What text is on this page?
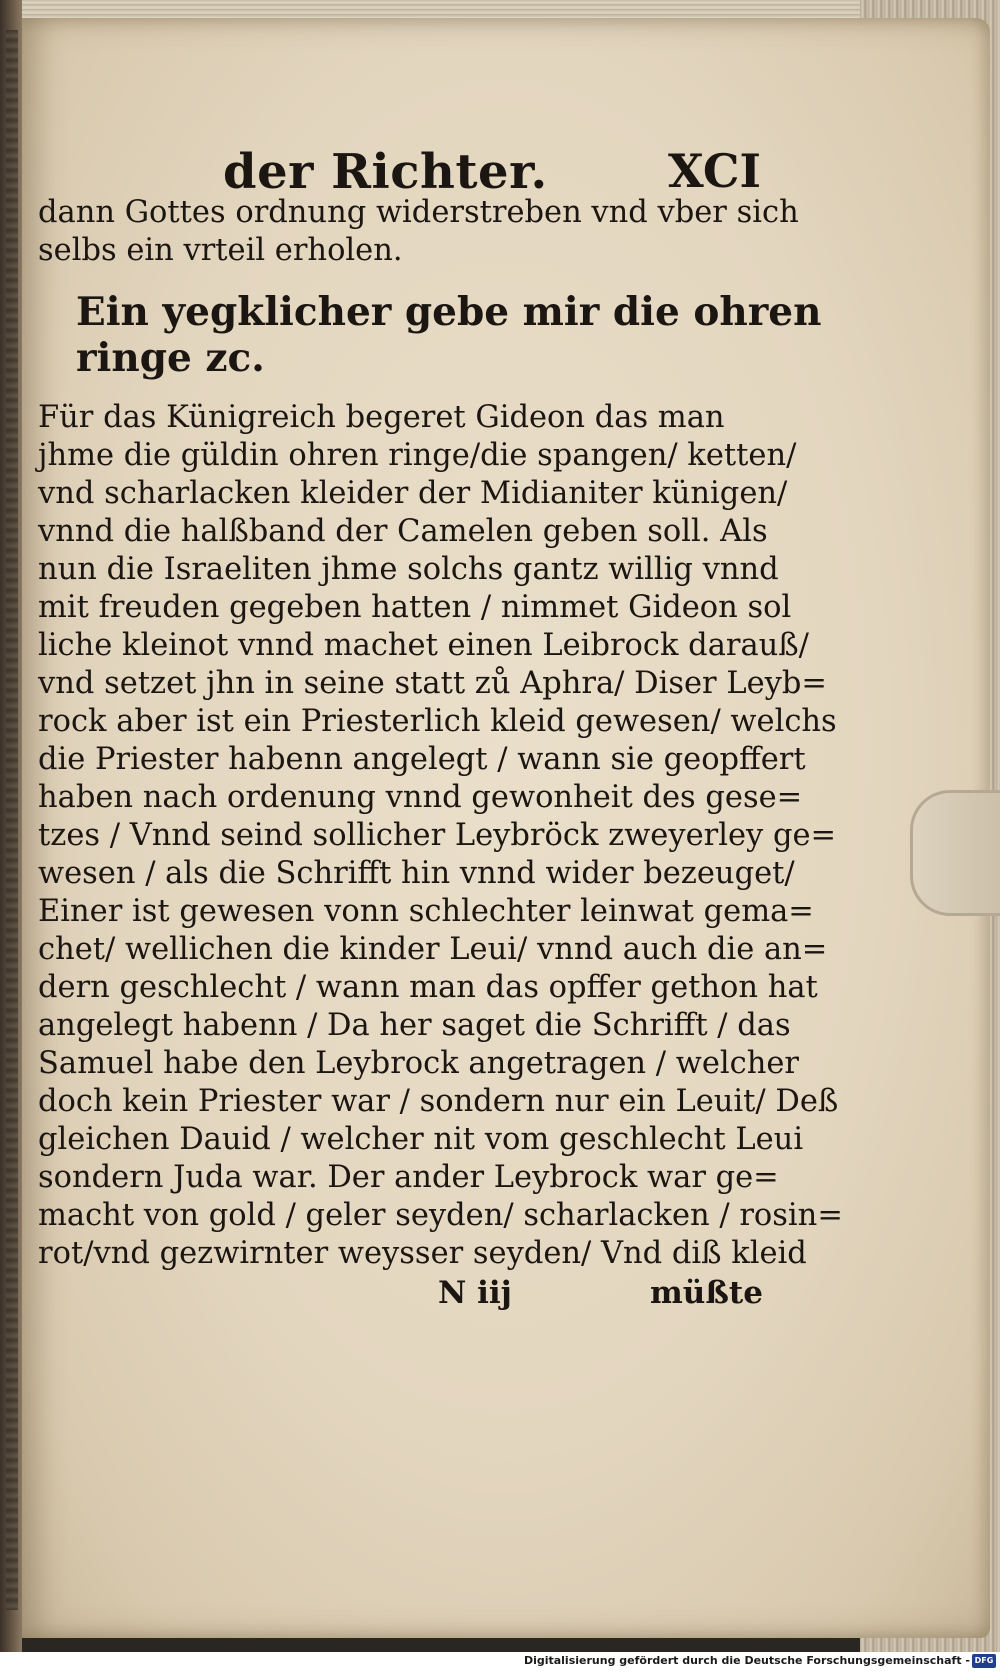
der Richter.	XCI
dann Gottes ordnung widerstreben vnd vber sich
selbs ein vrteil erholen.
Ein yegklicher gebe mir die ohren
ringe zc.
Für das Künigreich begeret Gideon das man
jhme die güldin ohren ringe/die spangen/ ketten/
vnd scharlacken kleider der Midianiter künigen/
vnnd die halßband der Camelen geben soll. Als
nun die Israeliten jhme solchs gantz willig vnnd
mit freuden gegeben hatten / nimmet Gideon sol
liche kleinot vnnd machet einen Leibrock darauß/
vnd setzet jhn in seine statt zů Aphra/ Diser Leyb=
rock aber ist ein Priesterlich kleid gewesen/ welchs
die Priester habenn angelegt / wann sie geopffert
haben nach ordenung vnnd gewonheit des gese=
tzes / Vnnd seind sollicher Leybröck zweyerley ge=
wesen / als die Schrifft hin vnnd wider bezeuget/
Einer ist gewesen vonn schlechter leinwat gema=
chet/ wellichen die kinder Leui/ vnnd auch die an=
dern geschlecht / wann man das opffer gethon hat
angelegt habenn / Da her saget die Schrifft / das
Samuel habe den Leybrock angetragen / welcher
doch kein Priester war / sondern nur ein Leuit/ Deß
gleichen Dauid / welcher nit vom geschlecht Leui
sondern Juda war. Der ander Leybrock war ge=
macht von gold / geler seyden/ scharlacken / rosin=
rot/vnd gezwirnter weysser seyden/ Vnd diß kleid
N iij	müßte
Digitalisierung gefördert durch die Deutsche Forschungsgemeinschaft - DFG
